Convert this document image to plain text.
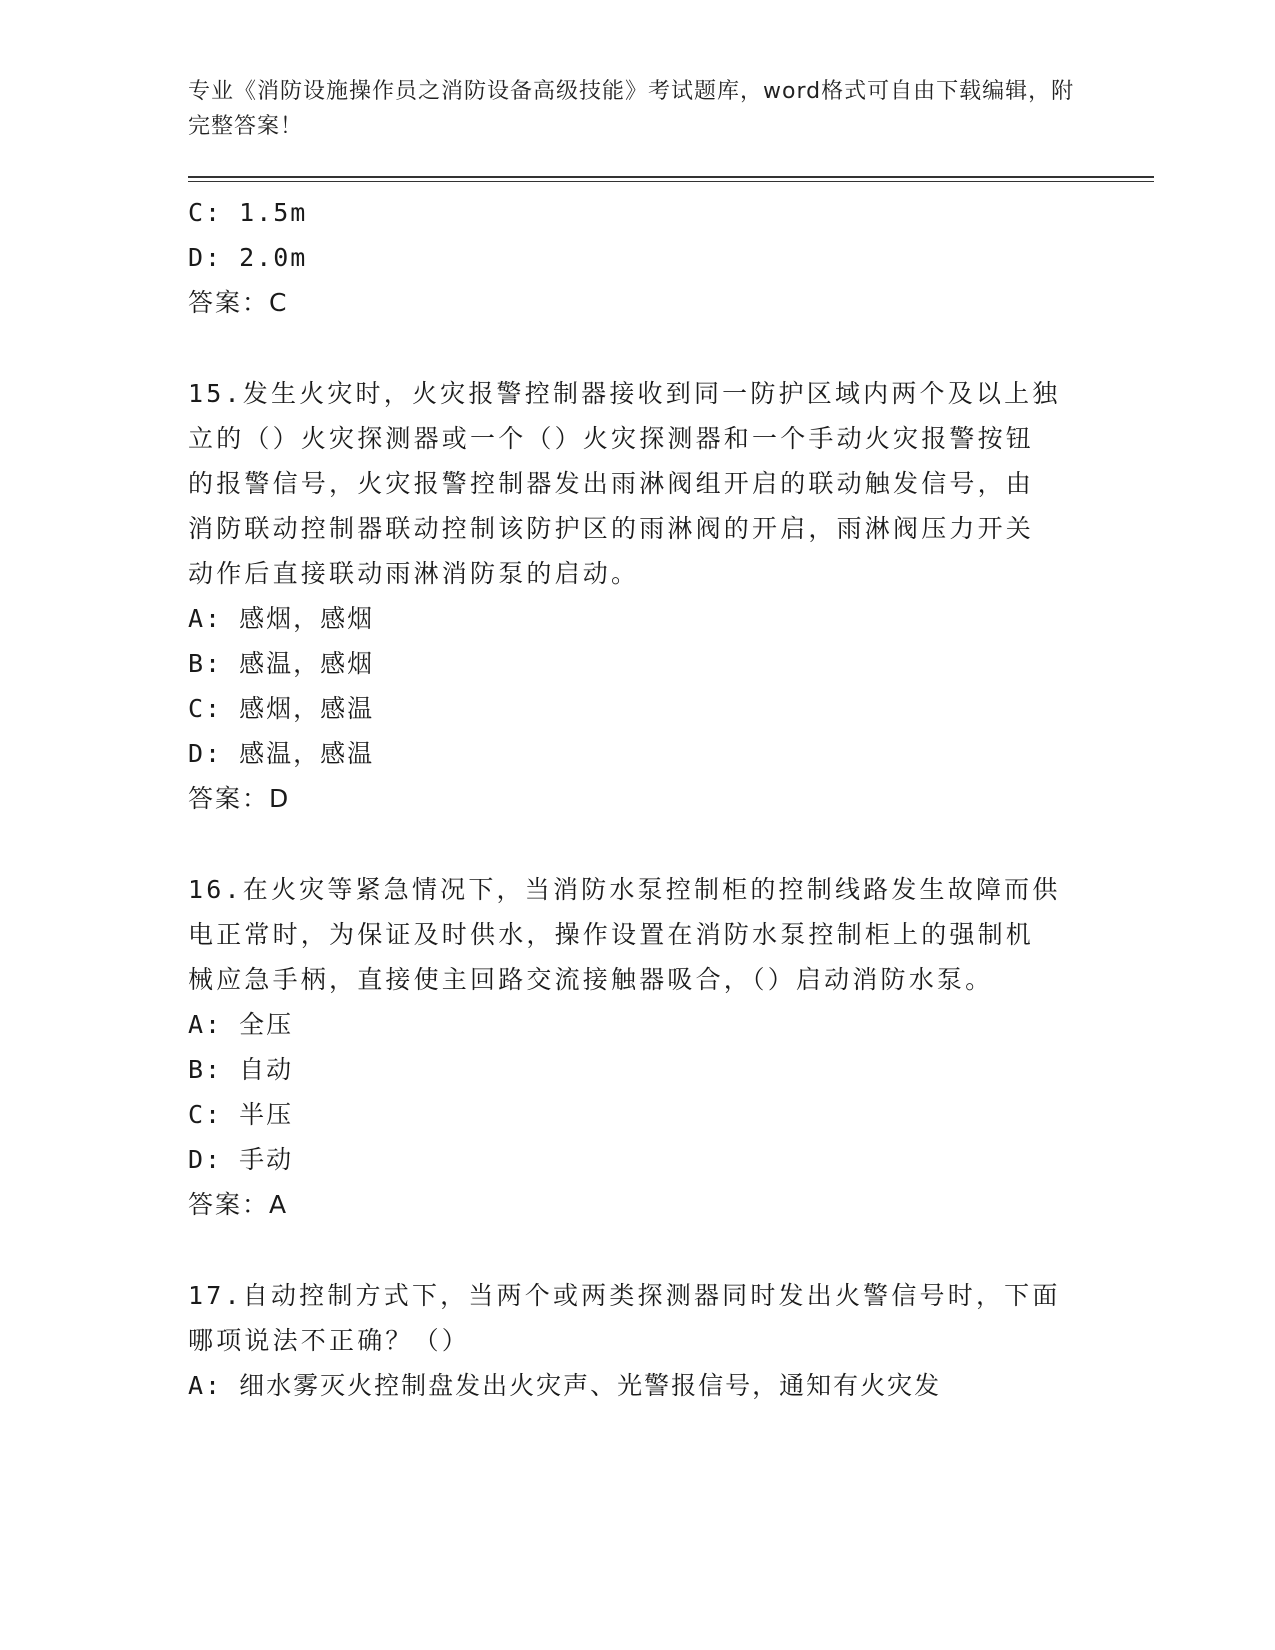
专业《消防设施操作员之消防设备高级技能》考试题库，word格式可自由下载编辑，附完整答案！
C: 1.5m
D: 2.0m
答案：C
15.发生火灾时，火灾报警控制器接收到同一防护区域内两个及以上独
立的（）火灾探测器或一个（）火灾探测器和一个手动火灾报警按钮
的报警信号，火灾报警控制器发出雨淋阀组开启的联动触发信号，由
消防联动控制器联动控制该防护区的雨淋阀的开启，雨淋阀压力开关
动作后直接联动雨淋消防泵的启动。
A: 感烟，感烟
B: 感温，感烟
C: 感烟，感温
D: 感温，感温
答案：D
16.在火灾等紧急情况下，当消防水泵控制柜的控制线路发生故障而供
电正常时，为保证及时供水，操作设置在消防水泵控制柜上的强制机
械应急手柄，直接使主回路交流接触器吸合，（）启动消防水泵。
A: 全压
B: 自动
C: 半压
D: 手动
答案：A
17.自动控制方式下，当两个或两类探测器同时发出火警信号时，下面
哪项说法不正确？（）
A: 细水雾灭火控制盘发出火灾声、光警报信号，通知有火灾发
